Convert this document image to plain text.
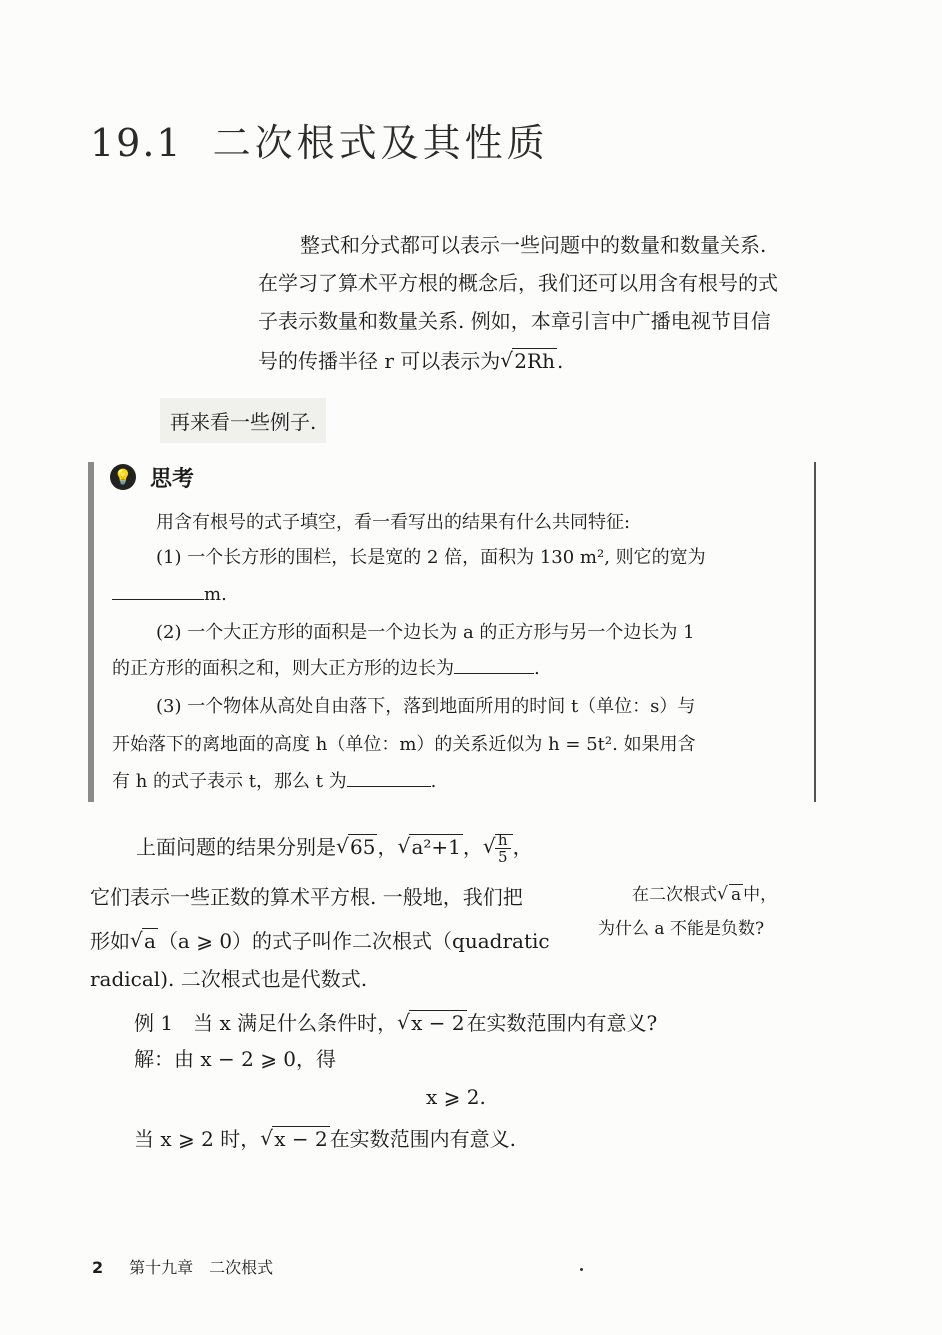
19.1 二次根式及其性质
整式和分式都可以表示一些问题中的数量和数量关系.
在学习了算术平方根的概念后，我们还可以用含有根号的式
子表示数量和数量关系. 例如，本章引言中广播电视节目信
号的传播半径 r 可以表示为 √ 2Rh .
再来看一些例子.
💡 思考
用含有根号的式子填空，看一看写出的结果有什么共同特征:
(1) 一个长方形的围栏，长是宽的 2 倍，面积为 130 m², 则它的宽为
m.
(2) 一个大正方形的面积是一个边长为 a 的正方形与另一个边长为 1
的正方形的面积之和，则大正方形的边长为	.
(3) 一个物体从高处自由落下，落到地面所用的时间 t（单位：s）与
开始落下的离地面的高度 h（单位：m）的关系近似为 h = 5t². 如果用含
有 h 的式子表示 t，那么 t 为	.
上面问题的结果分别是 √ 65 ， √ a²+1 ， √ $\frac{h}{5}$ ，
它们表示一些正数的算术平方根. 一般地，我们把
形如 √ a （a ⩾ 0）的式子叫作二次根式（quadratic
radical). 二次根式也是代数式.
在二次根式 √ a 中，
为什么 a 不能是负数?
例 1　当 x 满足什么条件时， √ x − 2 在实数范围内有意义?
解：由 x − 2 ⩾ 0，得
x ⩾ 2.
当 x ⩾ 2 时， √ x − 2 在实数范围内有意义.
2 第十九章　二次根式
